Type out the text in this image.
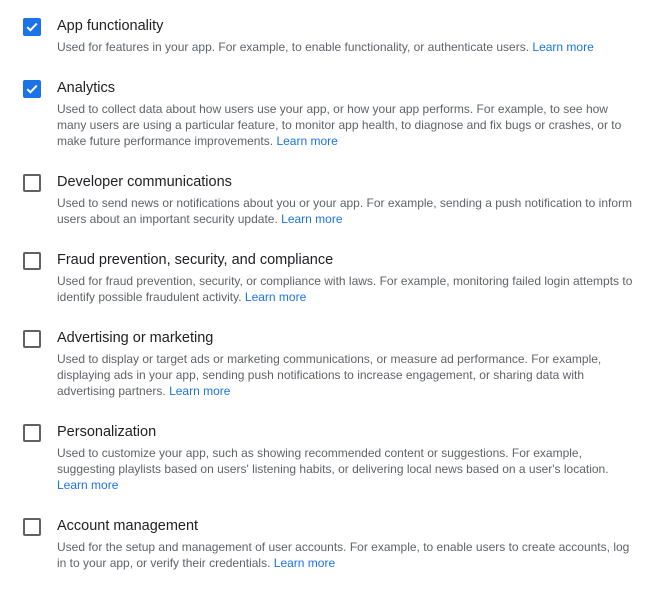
App functionality
Used for features in your app. For example, to enable functionality, or authenticate users. Learn more
Analytics
Used to collect data about how users use your app, or how your app performs. For example, to see how many users are using a particular feature, to monitor app health, to diagnose and fix bugs or crashes, or to make future performance improvements. Learn more
Developer communications
Used to send news or notifications about you or your app. For example, sending a push notification to inform users about an important security update. Learn more
Fraud prevention, security, and compliance
Used for fraud prevention, security, or compliance with laws. For example, monitoring failed login attempts to identify possible fraudulent activity. Learn more
Advertising or marketing
Used to display or target ads or marketing communications, or measure ad performance. For example, displaying ads in your app, sending push notifications to increase engagement, or sharing data with advertising partners. Learn more
Personalization
Used to customize your app, such as showing recommended content or suggestions. For example, suggesting playlists based on users' listening habits, or delivering local news based on a user's location. Learn more
Account management
Used for the setup and management of user accounts. For example, to enable users to create accounts, log in to your app, or verify their credentials. Learn more
